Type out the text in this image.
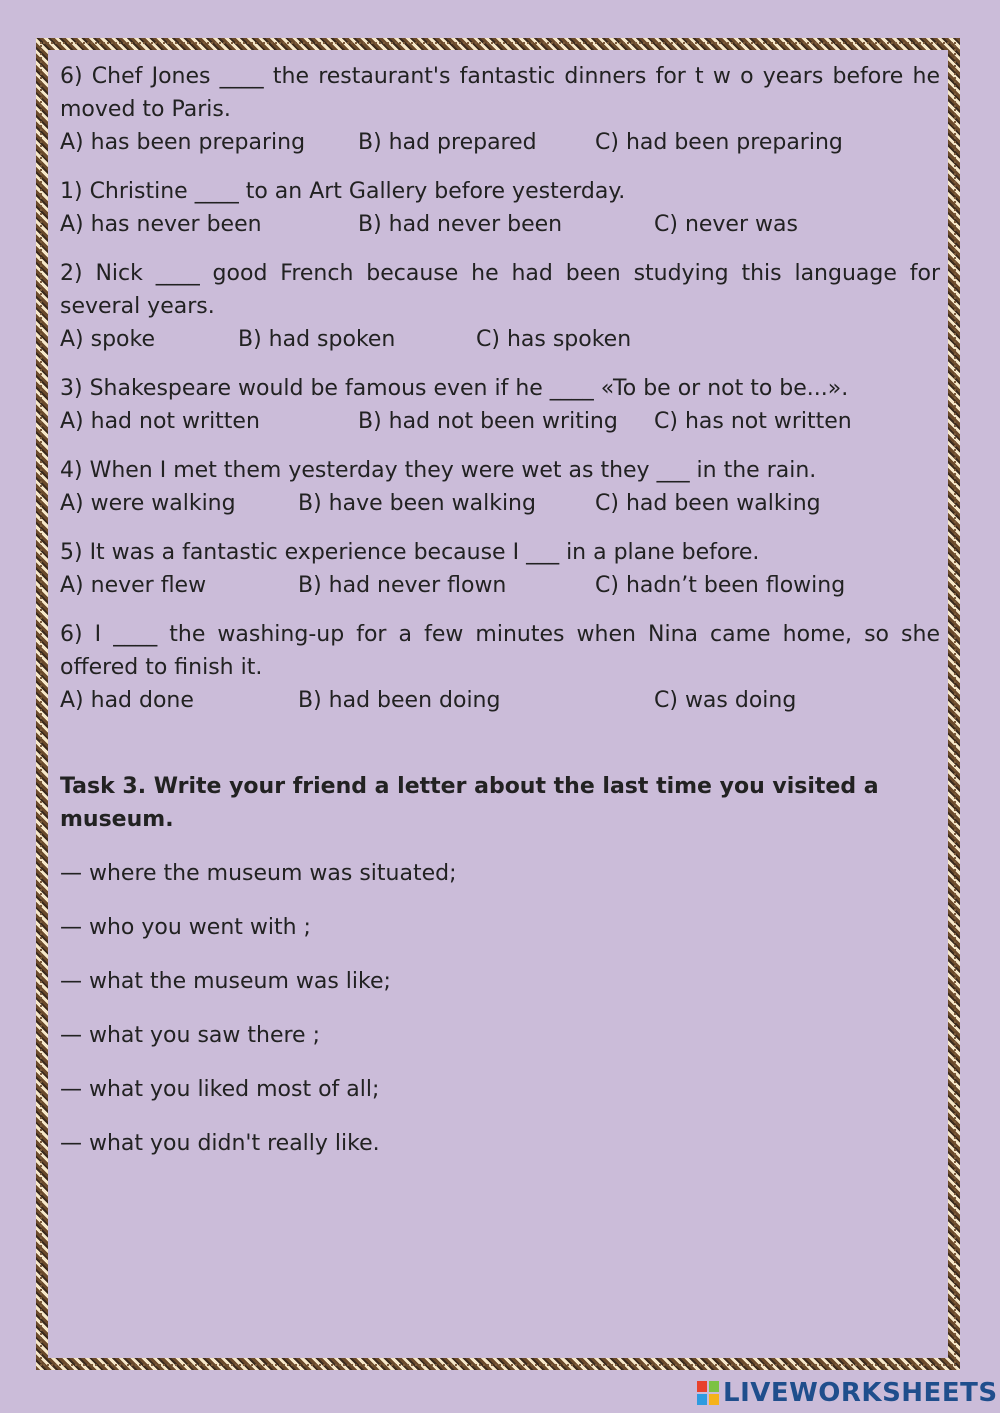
6) Chef Jones ____ the restaurant's fantastic dinners for t w o years before he moved to Paris.
A) has been preparing	B) had prepared	C) had been preparing
1) Christine ____ to an Art Gallery before yesterday.
A) has never been	B) had never been	C) never was
2) Nick ____ good French because he had been studying this language for several years.
A) spoke	B) had spoken	C) has spoken
3) Shakespeare would be famous even if he ____ «To be or not to be...».
A) had not written	B) had not been writing	C) has not written
4) When I met them yesterday they were wet as they ___ in the rain.
A) were walking	B) have been walking	C) had been walking
5) It was a fantastic experience because I ___ in a plane before.
A) never flew	B) had never flown	C) hadn’t been flowing
6) I ____ the washing-up for a few minutes when Nina came home, so she offered to finish it.
A) had done	B) had been doing	C) was doing
Task 3. Write your friend a letter about the last time you visited a museum.
— where the museum was situated;
— who you went with ;
— what the museum was like;
— what you saw there ;
— what you liked most of all;
— what you didn't really like.
LIVEWORKSHEETS
